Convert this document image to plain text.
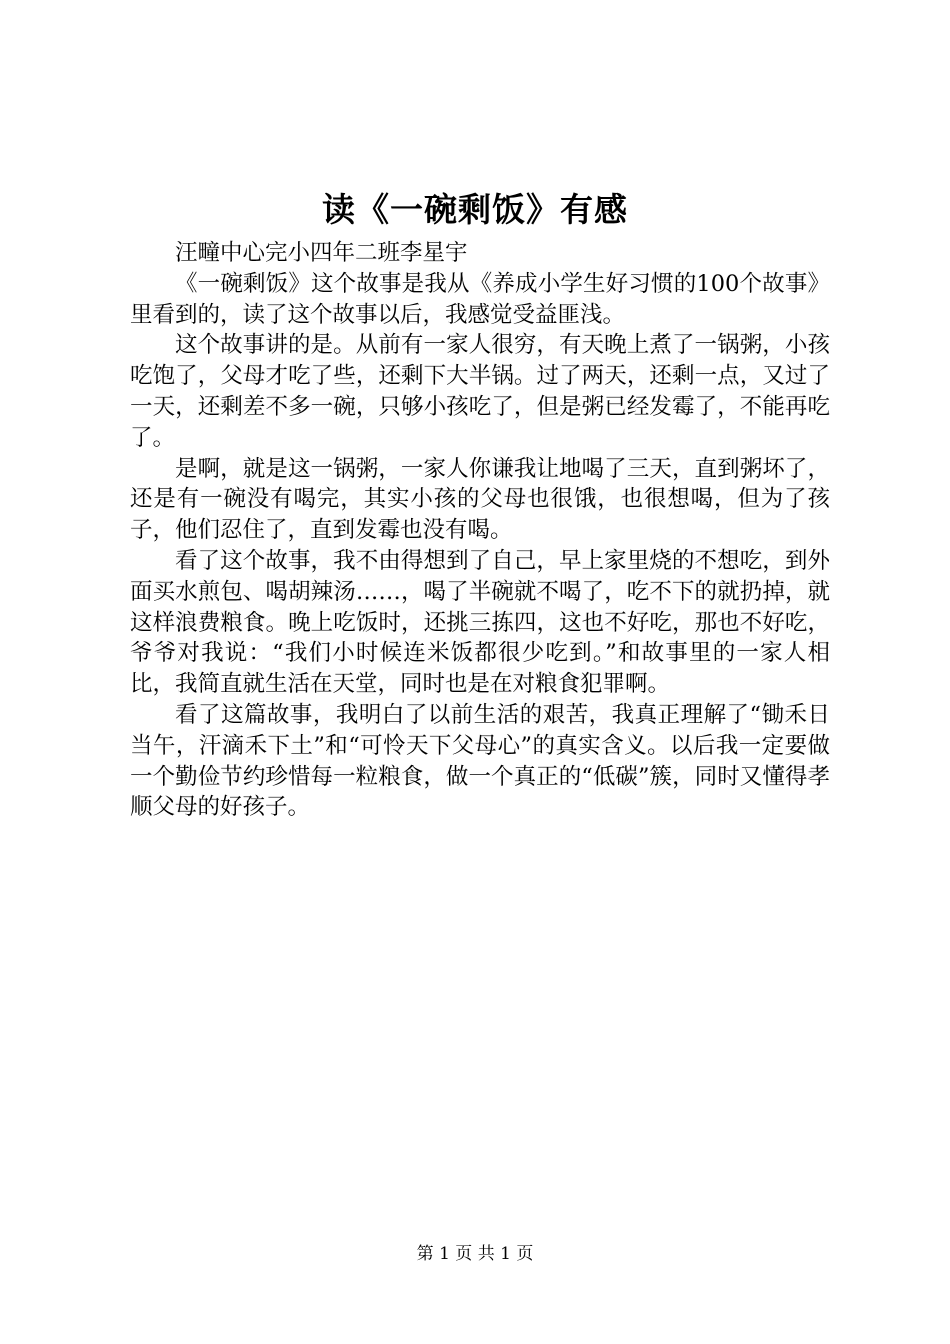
读《一碗剩饭》有感

汪疃中心完小四年二班李星宇

《一碗剩饭》这个故事是我从《养成小学生好习惯的100个故事》里看到的，读了这个故事以后，我感觉受益匪浅。

这个故事讲的是。从前有一家人很穷，有天晚上煮了一锅粥，小孩吃饱了，父母才吃了些，还剩下大半锅。过了两天，还剩一点，又过了一天，还剩差不多一碗，只够小孩吃了，但是粥已经发霉了，不能再吃了。

是啊，就是这一锅粥，一家人你谦我让地喝了三天，直到粥坏了，还是有一碗没有喝完，其实小孩的父母也很饿，也很想喝，但为了孩子，他们忍住了，直到发霉也没有喝。

看了这个故事，我不由得想到了自己，早上家里烧的不想吃，到外面买水煎包、喝胡辣汤……，喝了半碗就不喝了，吃不下的就扔掉，就这样浪费粮食。晚上吃饭时，还挑三拣四，这也不好吃，那也不好吃，爷爷对我说：“我们小时候连米饭都很少吃到。”和故事里的一家人相比，我简直就生活在天堂，同时也是在对粮食犯罪啊。

看了这篇故事，我明白了以前生活的艰苦，我真正理解了“锄禾日当午，汗滴禾下土”和“可怜天下父母心”的真实含义。以后我一定要做一个勤俭节约珍惜每一粒粮食，做一个真正的“低碳”簇，同时又懂得孝顺父母的好孩子。

第 1 页 共 1 页
